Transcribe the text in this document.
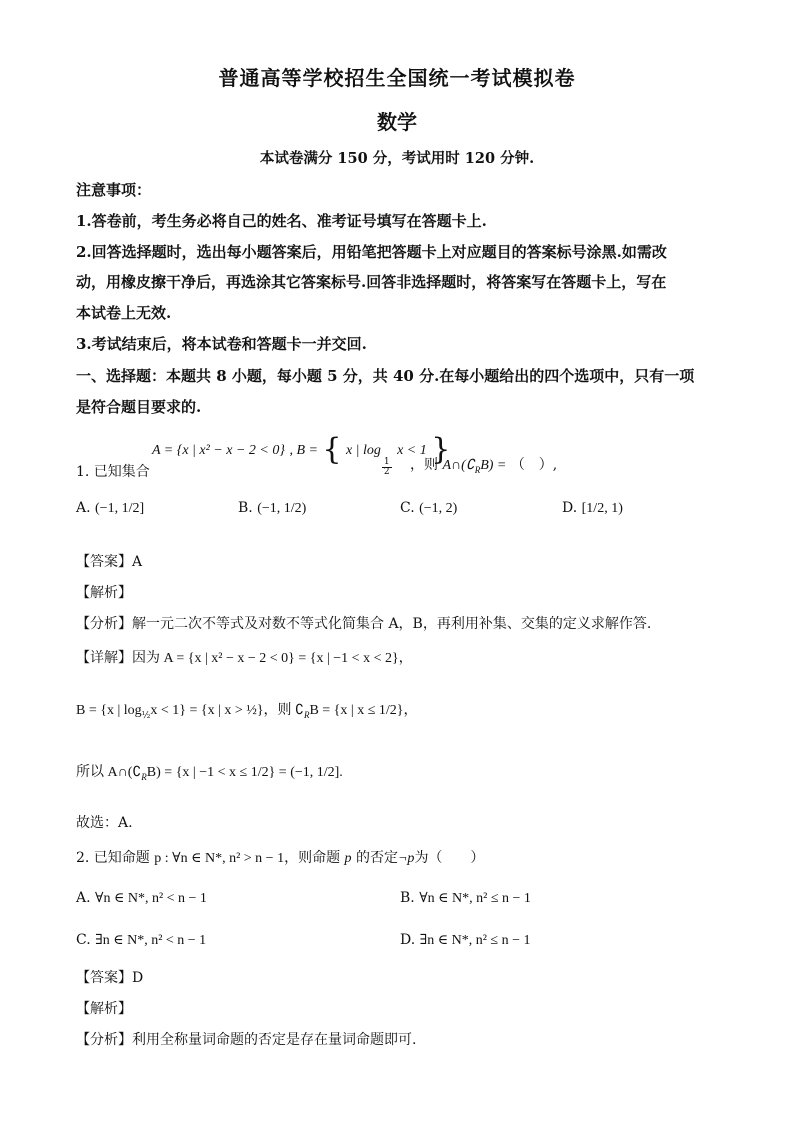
普通高等学校招生全国统一考试模拟卷
数学
本试卷满分 150 分，考试用时 120 分钟.
注意事项：
1.答卷前，考生务必将自己的姓名、准考证号填写在答题卡上.
2.回答选择题时，选出每小题答案后，用铅笔把答题卡上对应题目的答案标号涂黑.如需改
动，用橡皮擦干净后，再选涂其它答案标号.回答非选择题时，将答案写在答题卡上，写在
本试卷上无效.
3.考试结束后，将本试卷和答题卡一并交回.
一、选择题：本题共 8 小题，每小题 5 分，共 40 分.在每小题给出的四个选项中，只有一项
是符合题目要求的.
A = {x | x² − x − 2 < 0} , B = { x | log
$\frac{1}{2}$
x < 1 }
1. 已知集合	，则 $A\cap(∁_RB)$ = （　）,
A. (−1, 1/2]	B. (−1, 1/2)	C. (−1, 2)	D. [1/2, 1)
【答案】A
【解析】
【分析】解一元二次不等式及对数不等式化简集合 A，B，再利用补集、交集的定义求解作答.
【详解】因为 A = {x | x² − x − 2 < 0} = {x | −1 < x < 2}，
B = {x | $\log_{\frac{1}{2}}x < 1\} = \{x$ | x > ½}，则 $∁_RB = \{x$ | x ≤ 1/2}，
所以 $A\cap(∁_RB) = \{x$ | −1 < x ≤ 1/2} = (−1, 1/2].
故选：A.
2. 已知命题 p : ∀n ∈ N*, n² > n − 1，则命题 p 的否定¬p为（　　）
A. ∀n ∈ N*, n² < n − 1	B. ∀n ∈ N*, n² ≤ n − 1
C. ∃n ∈ N*, n² < n − 1	D. ∃n ∈ N*, n² ≤ n − 1
【答案】D
【解析】
【分析】利用全称量词命题的否定是存在量词命题即可.
